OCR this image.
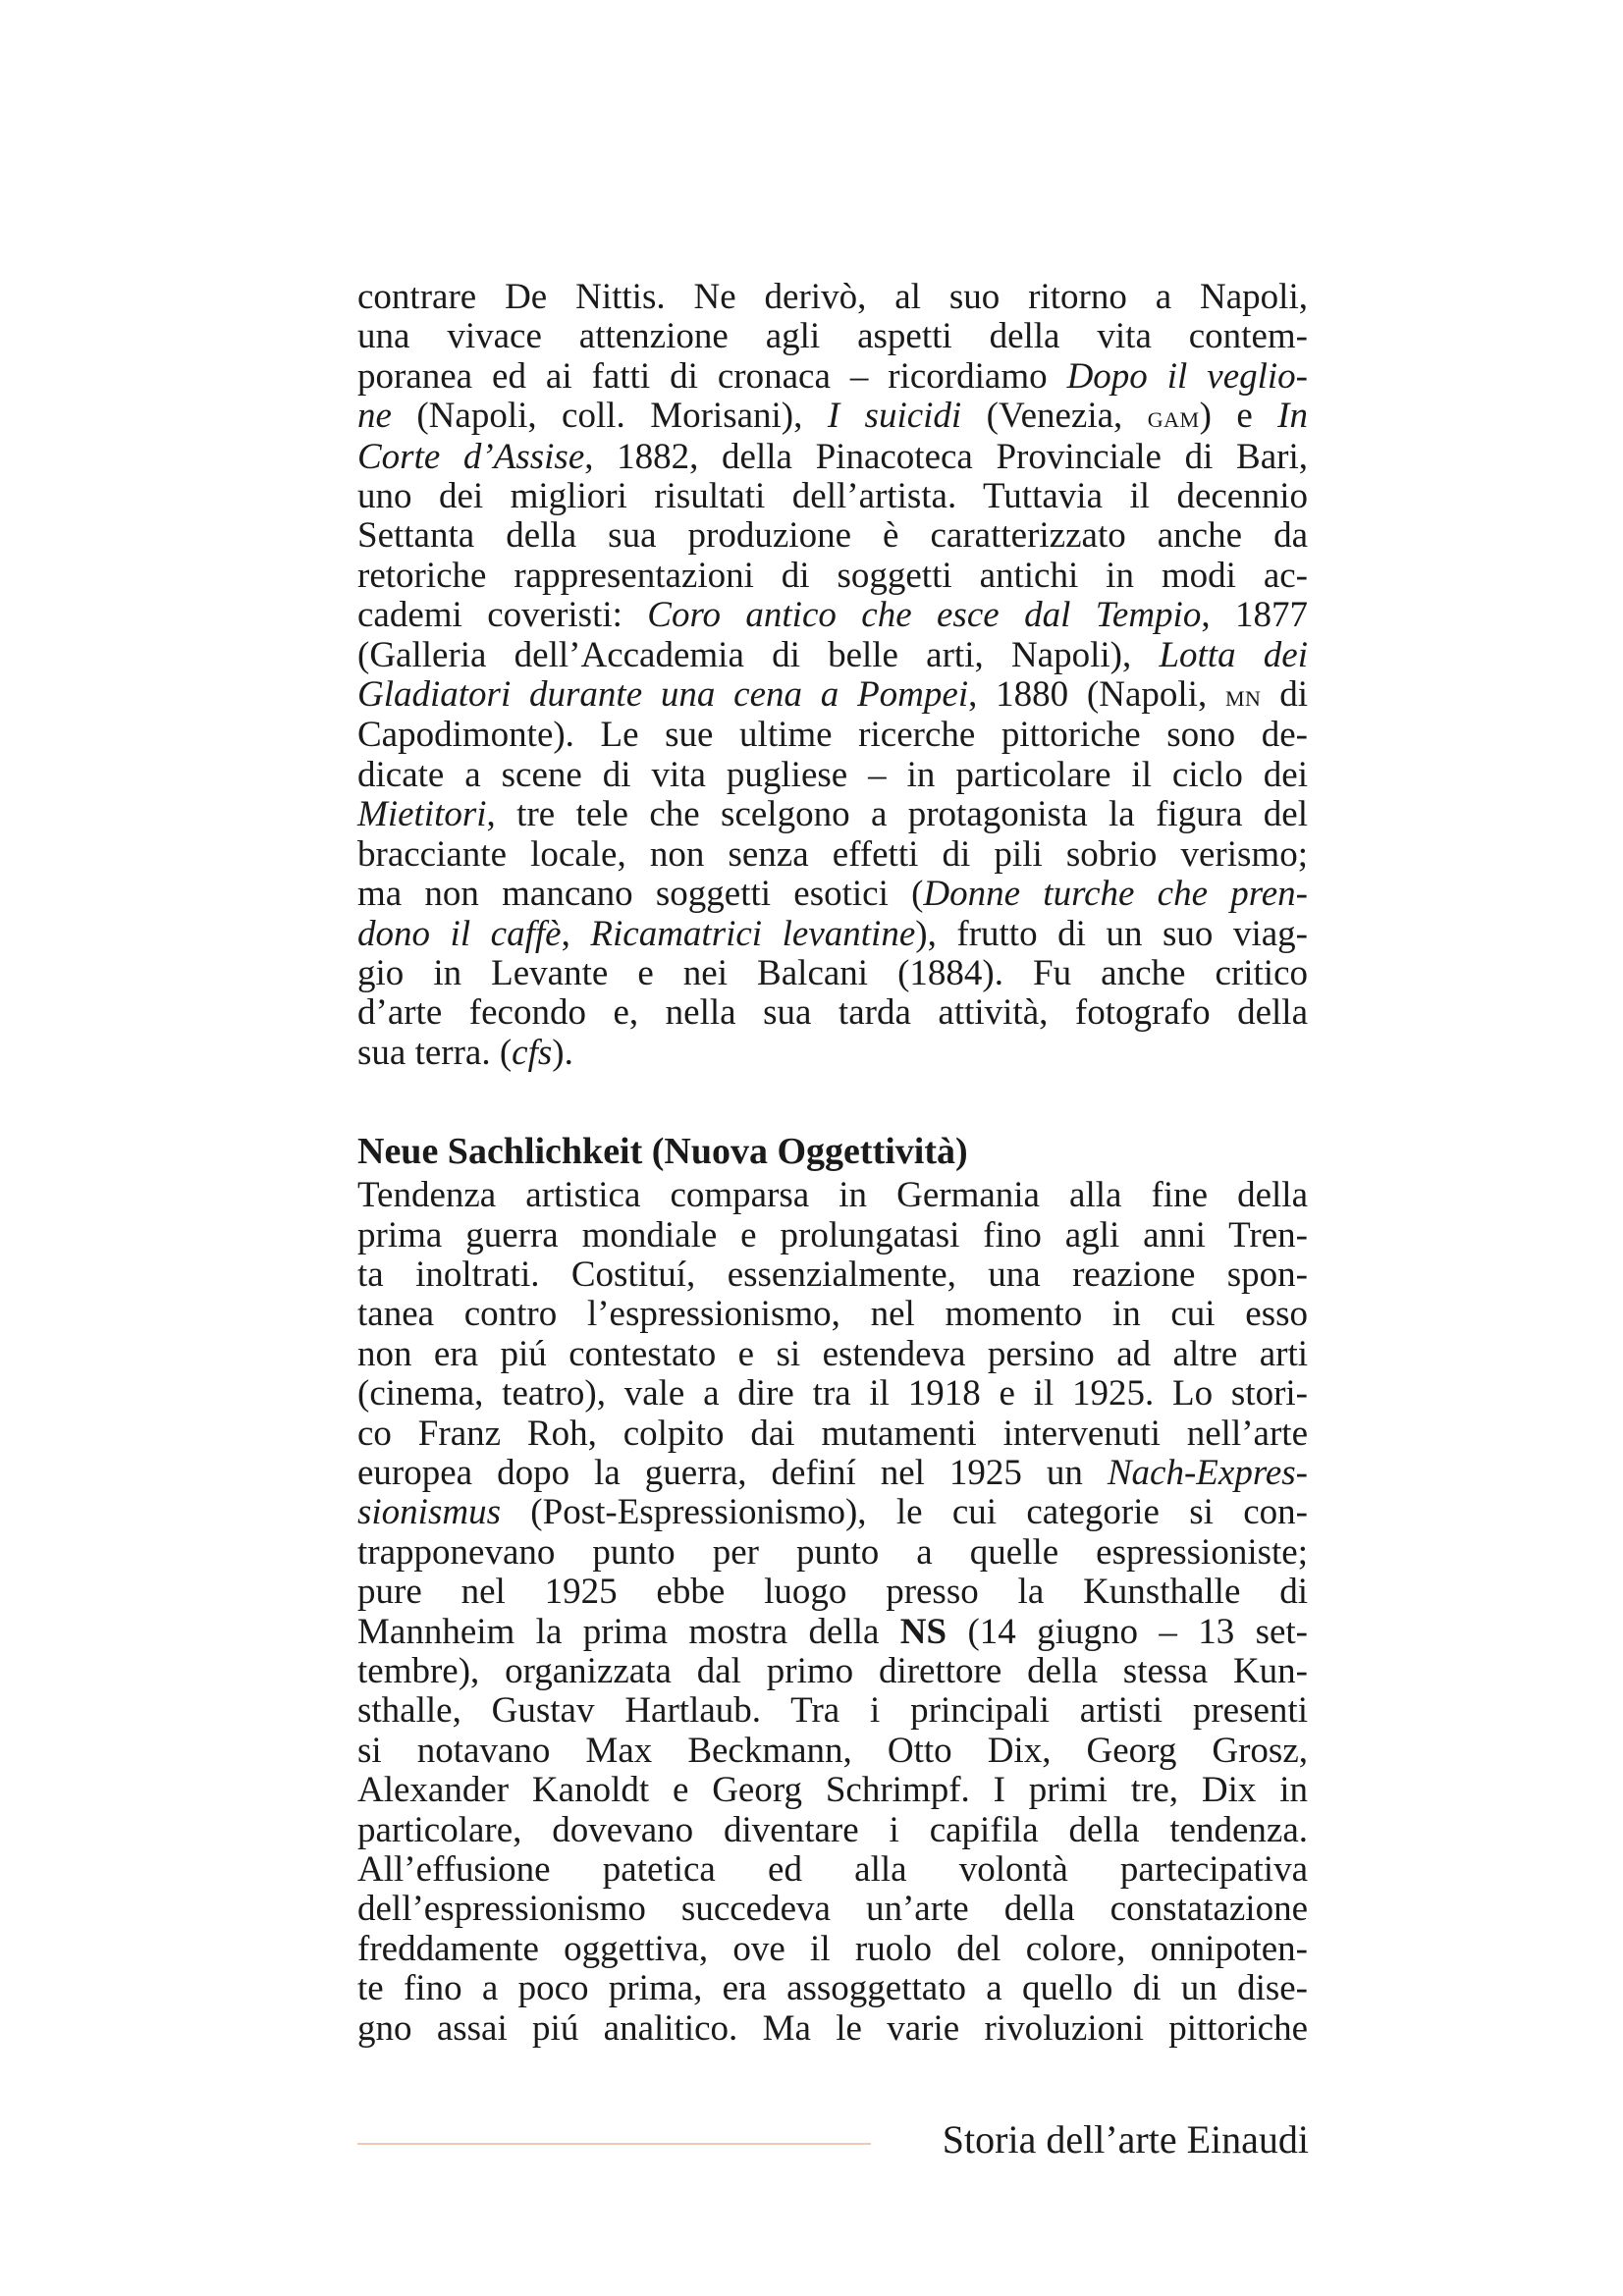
contrare De Nittis. Ne derivò, al suo ritorno a Napoli,
una vivace attenzione agli aspetti della vita contem-
poranea ed ai fatti di cronaca – ricordiamo Dopo il veglio-
ne (Napoli, coll. Morisani), I suicidi (Venezia, gam) e In
Corte d’Assise, 1882, della Pinacoteca Provinciale di Bari,
uno dei migliori risultati dell’artista. Tuttavia il decennio
Settanta della sua produzione è caratterizzato anche da
retoriche rappresentazioni di soggetti antichi in modi ac-
cademi coveristi: Coro antico che esce dal Tempio, 1877
(Galleria dell’Accademia di belle arti, Napoli), Lotta dei
Gladiatori durante una cena a Pompei, 1880 (Napoli, mn di
Capodimonte). Le sue ultime ricerche pittoriche sono de-
dicate a scene di vita pugliese – in particolare il ciclo dei
Mietitori, tre tele che scelgono a protagonista la figura del
bracciante locale, non senza effetti di pili sobrio verismo;
ma non mancano soggetti esotici (Donne turche che pren-
dono il caffè, Ricamatrici levantine), frutto di un suo viag-
gio in Levante e nei Balcani (1884). Fu anche critico
d’arte fecondo e, nella sua tarda attività, fotografo della
sua terra. (cfs).
Neue Sachlichkeit (Nuova Oggettività)
Tendenza artistica comparsa in Germania alla fine della
prima guerra mondiale e prolungatasi fino agli anni Tren-
ta inoltrati. Costituí, essenzialmente, una reazione spon-
tanea contro l’espressionismo, nel momento in cui esso
non era piú contestato e si estendeva persino ad altre arti
(cinema, teatro), vale a dire tra il 1918 e il 1925. Lo stori-
co Franz Roh, colpito dai mutamenti intervenuti nell’arte
europea dopo la guerra, definí nel 1925 un Nach-Expres-
sionismus (Post-Espressionismo), le cui categorie si con-
trapponevano punto per punto a quelle espressioniste;
pure nel 1925 ebbe luogo presso la Kunsthalle di
Mannheim la prima mostra della NS (14 giugno – 13 set-
tembre), organizzata dal primo direttore della stessa Kun-
sthalle, Gustav Hartlaub. Tra i principali artisti presenti
si notavano Max Beckmann, Otto Dix, Georg Grosz,
Alexander Kanoldt e Georg Schrimpf. I primi tre, Dix in
particolare, dovevano diventare i capifila della tendenza.
All’effusione patetica ed alla volontà partecipativa
dell’espressionismo succedeva un’arte della constatazione
freddamente oggettiva, ove il ruolo del colore, onnipoten-
te fino a poco prima, era assoggettato a quello di un dise-
gno assai piú analitico. Ma le varie rivoluzioni pittoriche
Storia dell’arte Einaudi
